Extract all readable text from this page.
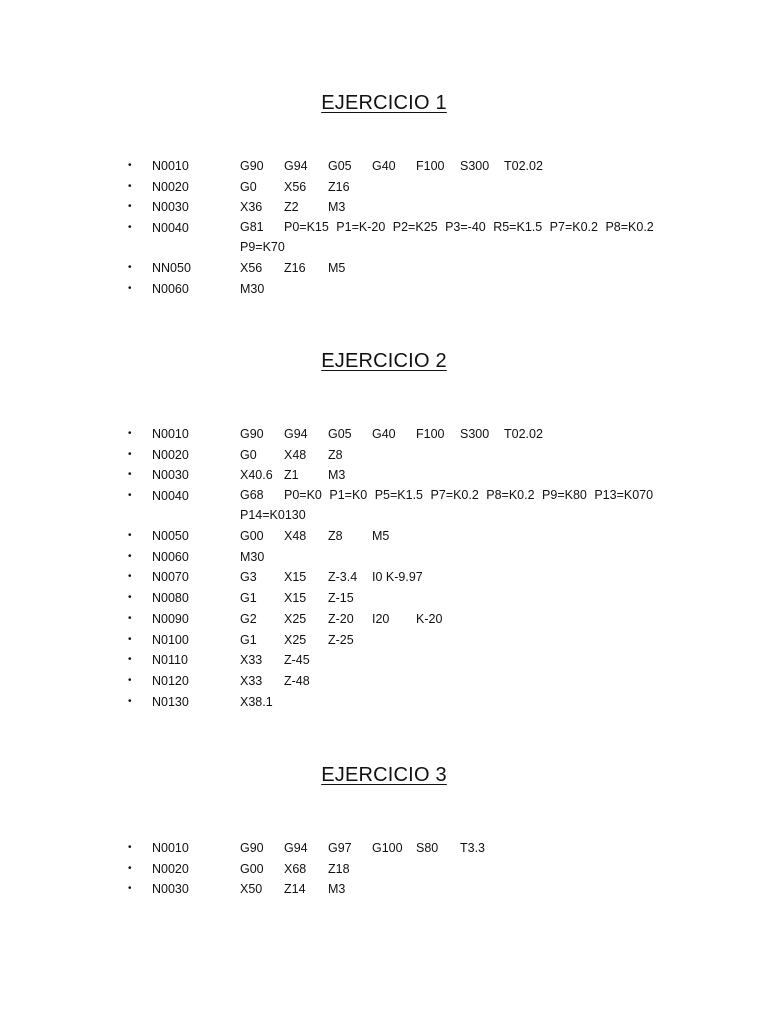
EJERCICIO 1
• N0010	G90 G94 G05 G40 F100 S300 T02.02
• N0020	G0 X56 Z16
• N0030	X36 Z2 M3
• N0040	G81 P0=K15 P1=K-20 P2=K25 P3=-40 R5=K1.5 P7=K0.2 P8=K0.2 P9=K70
• NN050	X56 Z16 M5
• N0060	M30
EJERCICIO 2
• N0010	G90 G94 G05 G40 F100 S300 T02.02
• N0020	G0 X48 Z8
• N0030	X40.6 Z1 M3
• N0040	G68 P0=K0 P1=K0 P5=K1.5 P7=K0.2 P8=K0.2 P9=K80 P13=K070 P14=K0130
• N0050	G00 X48 Z8 M5
• N0060	M30
• N0070	G3 X15 Z-3.4 I0 K-9.97
• N0080	G1 X15 Z-15
• N0090	G2 X25 Z-20 I20 K-20
• N0100	G1 X25 Z-25
• N0110	X33 Z-45
• N0120	X33 Z-48
• N0130	X38.1
EJERCICIO 3
• N0010	G90 G94 G97 G100 S80 T3.3
• N0020	G00 X68 Z18
• N0030	X50 Z14 M3
